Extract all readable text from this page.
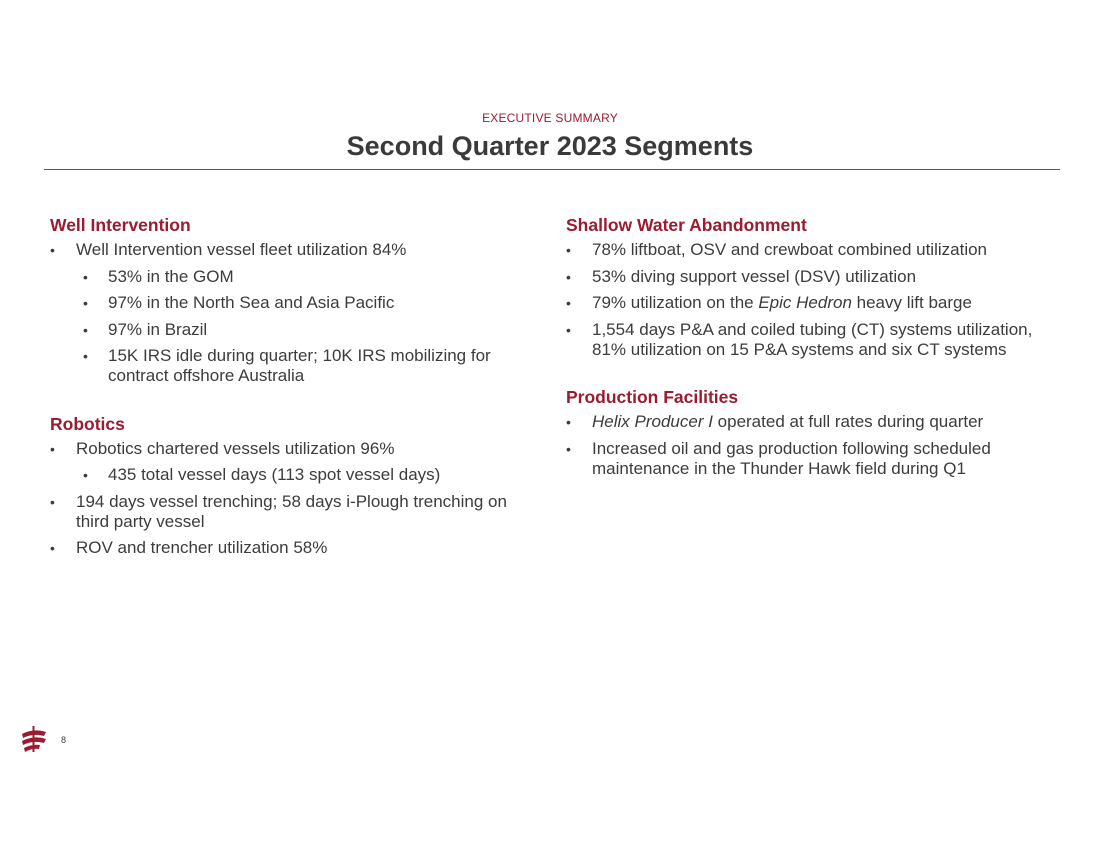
EXECUTIVE SUMMARY
Second Quarter 2023 Segments
Well Intervention
• Well Intervention vessel fleet utilization 84%
• 53% in the GOM
• 97% in the North Sea and Asia Pacific
• 97% in Brazil
• 15K IRS idle during quarter; 10K IRS mobilizing for contract offshore Australia
Robotics
• Robotics chartered vessels utilization 96%
• 435 total vessel days (113 spot vessel days)
• 194 days vessel trenching; 58 days i-Plough trenching on third party vessel
• ROV and trencher utilization 58%
Shallow Water Abandonment
• 78% liftboat, OSV and crewboat combined utilization
• 53% diving support vessel (DSV) utilization
• 79% utilization on the Epic Hedron heavy lift barge
• 1,554 days P&A and coiled tubing (CT) systems utilization, 81% utilization on 15 P&A systems and six CT systems
Production Facilities
• Helix Producer I operated at full rates during quarter
• Increased oil and gas production following scheduled maintenance in the Thunder Hawk field during Q1
8
